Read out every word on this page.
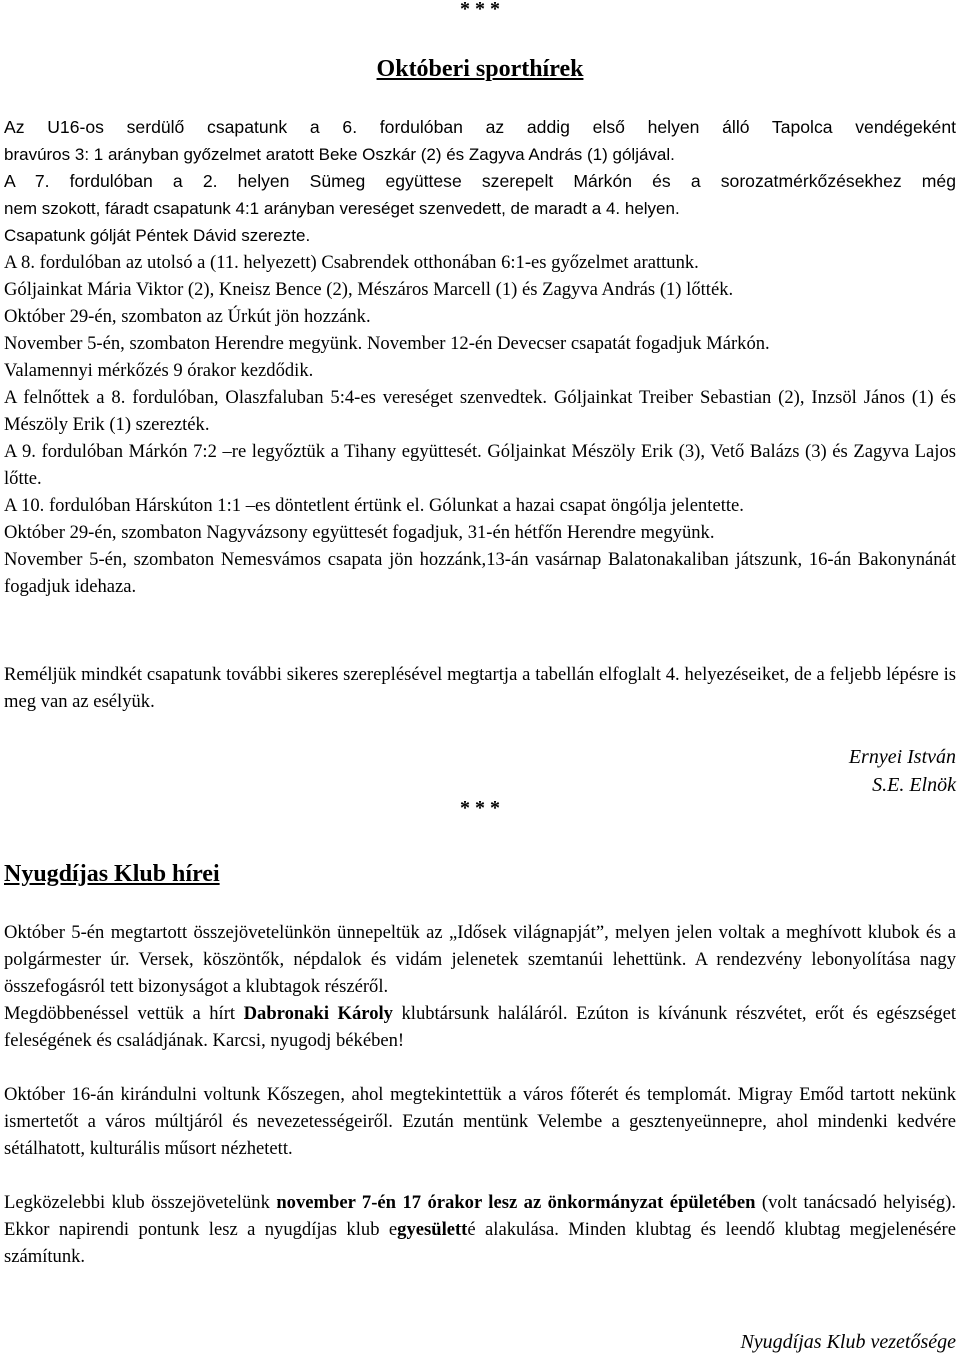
* * *
Októberi sporthírek

Az U16-os serdülő csapatunk a 6. fordulóban az addig első helyen álló Tapolca vendégeként

bravúros 3: 1 arányban győzelmet aratott Beke Oszkár (2) és Zagyva András (1) góljával.

A 7. fordulóban a 2. helyen Sümeg együttese szerepelt Márkón és a sorozatmérkőzésekhez még

nem szokott, fáradt csapatunk 4:1 arányban vereséget szenvedett, de maradt a 4. helyen.

Csapatunk gólját Péntek Dávid szerezte.

A 8. fordulóban az utolsó a (11. helyezett) Csabrendek otthonában 6:1-es győzelmet arattunk.

Góljainkat Mária Viktor (2), Kneisz Bence (2), Mészáros Marcell (1) és Zagyva András (1) lőtték.

Október 29-én, szombaton az Úrkút jön hozzánk.

November 5-én, szombaton Herendre megyünk. November 12-én Devecser csapatát fogadjuk Márkón.

Valamennyi mérkőzés 9 órakor kezdődik.

A felnőttek a 8. fordulóban, Olaszfaluban 5:4-es vereséget szenvedtek. Góljainkat Treiber Sebastian (2), Inzsöl János (1) és Mészöly Erik (1) szerezték.

A 9. fordulóban Márkón 7:2 –re legyőztük a Tihany együttesét. Góljainkat Mészöly Erik (3), Vető Balázs (3) és Zagyva Lajos lőtte.

A 10. fordulóban Hárskúton 1:1 –es döntetlent értünk el. Gólunkat a hazai csapat öngólja jelentette.

Október 29-én, szombaton Nagyvázsony együttesét fogadjuk, 31-én hétfőn Herendre megyünk.

November 5-én, szombaton Nemesvámos csapata jön hozzánk,13-án vasárnap Balatonakaliban játszunk, 16-án Bakonynánát fogadjuk idehaza.

Reméljük mindkét csapatunk további sikeres szereplésével megtartja a tabellán elfoglalt 4. helyezéseiket, de a feljebb lépésre is meg van az esélyük.

Ernyei István
S.E. Elnök
* * *
Nyugdíjas Klub hírei

Október 5-én megtartott összejövetelünkön ünnepeltük az „Idősek világnapját”, melyen jelen voltak a meghívott klubok és a polgármester úr. Versek, köszöntők, népdalok és vidám jelenetek szemtanúi lehettünk. A rendezvény lebonyolítása nagy összefogásról tett bizonyságot a klubtagok részéről.

Megdöbbenéssel vettük a hírt Dabronaki Károly klubtársunk haláláról. Ezúton is kívánunk részvétet, erőt és egészséget feleségének és családjának. Karcsi, nyugodj békében!

Október 16-án kirándulni voltunk Kőszegen, ahol megtekintettük a város főterét és templomát. Migray Emőd tartott nekünk ismertetőt a város múltjáról és nevezetességeiről. Ezután mentünk Velembe a gesztenyeünnepre, ahol mindenki kedvére sétálhatott, kulturális műsort nézhetett.

Legközelebbi klub összejövetelünk november 7-én 17 órakor lesz az önkormányzat épületében (volt tanácsadó helyiség). Ekkor napirendi pontunk lesz a nyugdíjas klub egyesületté alakulása. Minden klubtag és leendő klubtag megjelenésére számítunk.

Nyugdíjas Klub vezetősége
